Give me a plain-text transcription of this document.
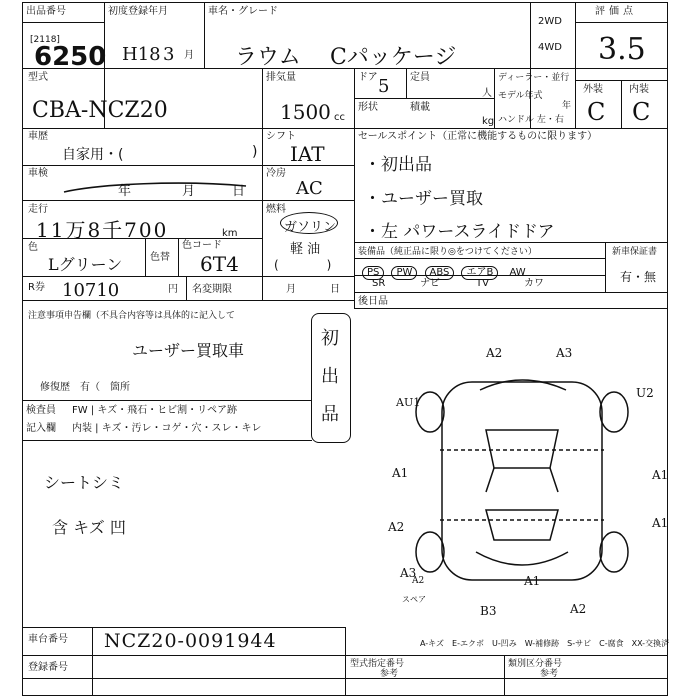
出品番号
[2118]
6250
初度登録年月
H18 3 月
車名・グレード
ラウム Cパッケージ
2WD
4WD
評価点
3.5
外装	内装
C C
型式
CBA-NCZ20
排気量
1500 cc
ドア 5 定員
形状	積載
人
kg
ディーラー・並行
モデル年式
年
ハンドル 左・右
車歴
自家用・(	)
シフト
IAT
冷房
AC
車検
年	月	日
走行
11万8千700	km
燃料
ガソリン
軽 油
(　　　　)
色
Lグリーン	色替
色コード
6T4
R券 10710	円 名変期限	月	日
注意事項申告欄（不具合内容等は具体的に記入して
ユーザー買取車
修復歴　有（　箇所
初
出
品
検査員
記入欄
FW | キズ・飛石・ヒビ割・リペア跡
内装 | キズ・汚レ・コゲ・穴・スレ・キレ
シートシミ
含 キズ 凹
セールスポイント（正常に機能するものに限ります）
・初出品
・ユーザー買取
・左 パワースライドドア
装備品（純正品に限り◎をつけてください）	新車保証書
有・無
PS PW ABS エアB AW
SR	ナビ	TV	カワ
後日品
A2	A3
AU1
U2
A1	A1
A2	A1
A3
A2
スペア
A1
B3	A2
A-キズ　E-エクボ　U-凹み　W-補修跡　S-サビ　C-腐食　XX-交換済
車台番号 NCZ20-0091944
登録番号	型式指定番号
参考
類別区分番号
参考
